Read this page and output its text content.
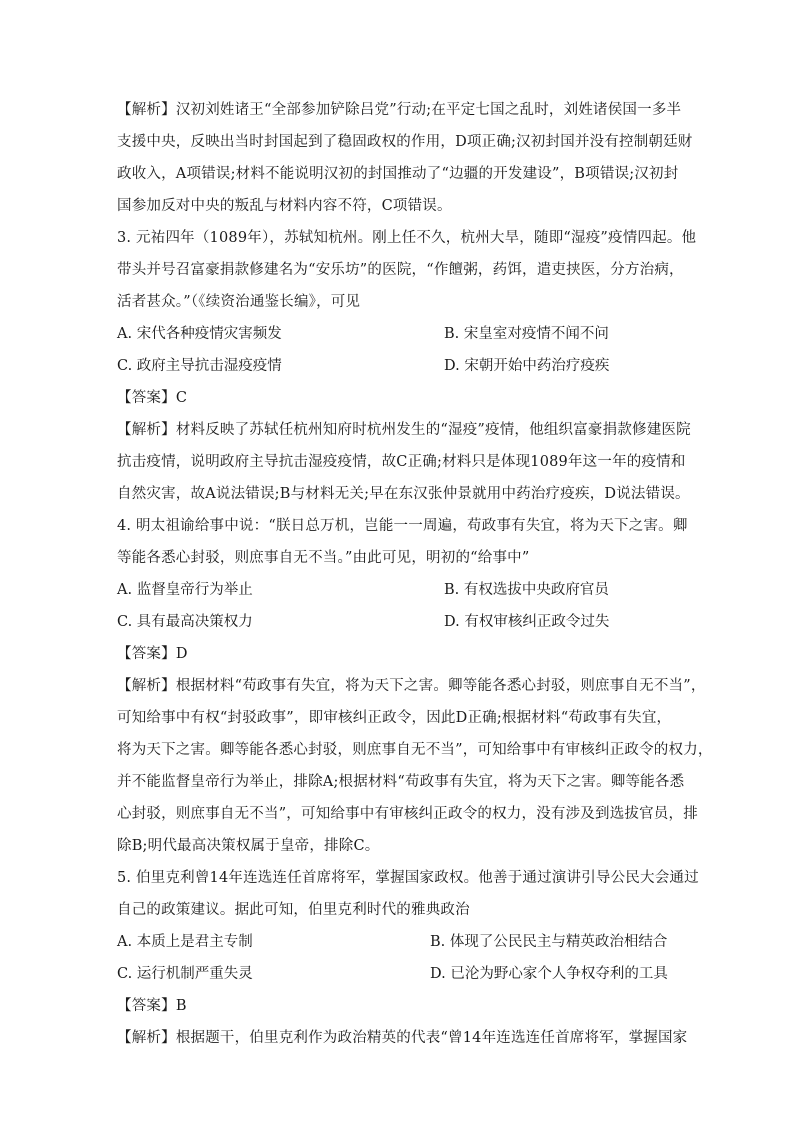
【解析】汉初刘姓诸王“全部参加铲除吕党”行动;在平定七国之乱时，刘姓诸侯国一多半
支援中央，反映出当时封国起到了稳固政权的作用，D项正确;汉初封国并没有控制朝廷财
政收入，A项错误;材料不能说明汉初的封国推动了“边疆的开发建设”，B项错误;汉初封
国参加反对中央的叛乱与材料内容不符，C项错误。
3. 元祐四年（1089年），苏轼知杭州。刚上任不久，杭州大旱，随即“湿疫”疫情四起。他
带头并号召富豪捐款修建名为“安乐坊”的医院，“作饘粥，药饵，遣吏挟医，分方治病，
活者甚众。”（《续资治通鉴长编》，可见
A. 宋代各种疫情灾害频发	B. 宋皇室对疫情不闻不问
C. 政府主导抗击湿疫疫情	D. 宋朝开始中药治疗疫疾
【答案】C
【解析】材料反映了苏轼任杭州知府时杭州发生的“湿疫”疫情，他组织富豪捐款修建医院
抗击疫情，说明政府主导抗击湿疫疫情，故C正确;材料只是体现1089年这一年的疫情和
自然灾害，故A说法错误;B与材料无关;早在东汉张仲景就用中药治疗疫疾，D说法错误。
4. 明太祖谕给事中说：“朕日总万机，岂能一一周遍，苟政事有失宜，将为天下之害。卿
等能各悉心封驳，则庶事自无不当。”由此可见，明初的“给事中”
A. 监督皇帝行为举止	B. 有权选拔中央政府官员
C. 具有最高决策权力	D. 有权审核纠正政令过失
【答案】D
【解析】根据材料“苟政事有失宜，将为天下之害。卿等能各悉心封驳，则庶事自无不当”，
可知给事中有权“封驳政事”，即审核纠正政令，因此D正确;根据材料“苟政事有失宜，
将为天下之害。卿等能各悉心封驳，则庶事自无不当”，可知给事中有审核纠正政令的权力，
并不能监督皇帝行为举止，排除A;根据材料“苟政事有失宜，将为天下之害。卿等能各悉
心封驳，则庶事自无不当”，可知给事中有审核纠正政令的权力，没有涉及到选拔官员，排
除B;明代最高决策权属于皇帝，排除C。
5. 伯里克利曾14年连选连任首席将军，掌握国家政权。他善于通过演讲引导公民大会通过
自己的政策建议。据此可知，伯里克利时代的雅典政治
A. 本质上是君主专制	B. 体现了公民民主与精英政治相结合
C. 运行机制严重失灵	D. 已沦为野心家个人争权夺利的工具
【答案】B
【解析】根据题干，伯里克利作为政治精英的代表“曾14年连选连任首席将军，掌握国家
